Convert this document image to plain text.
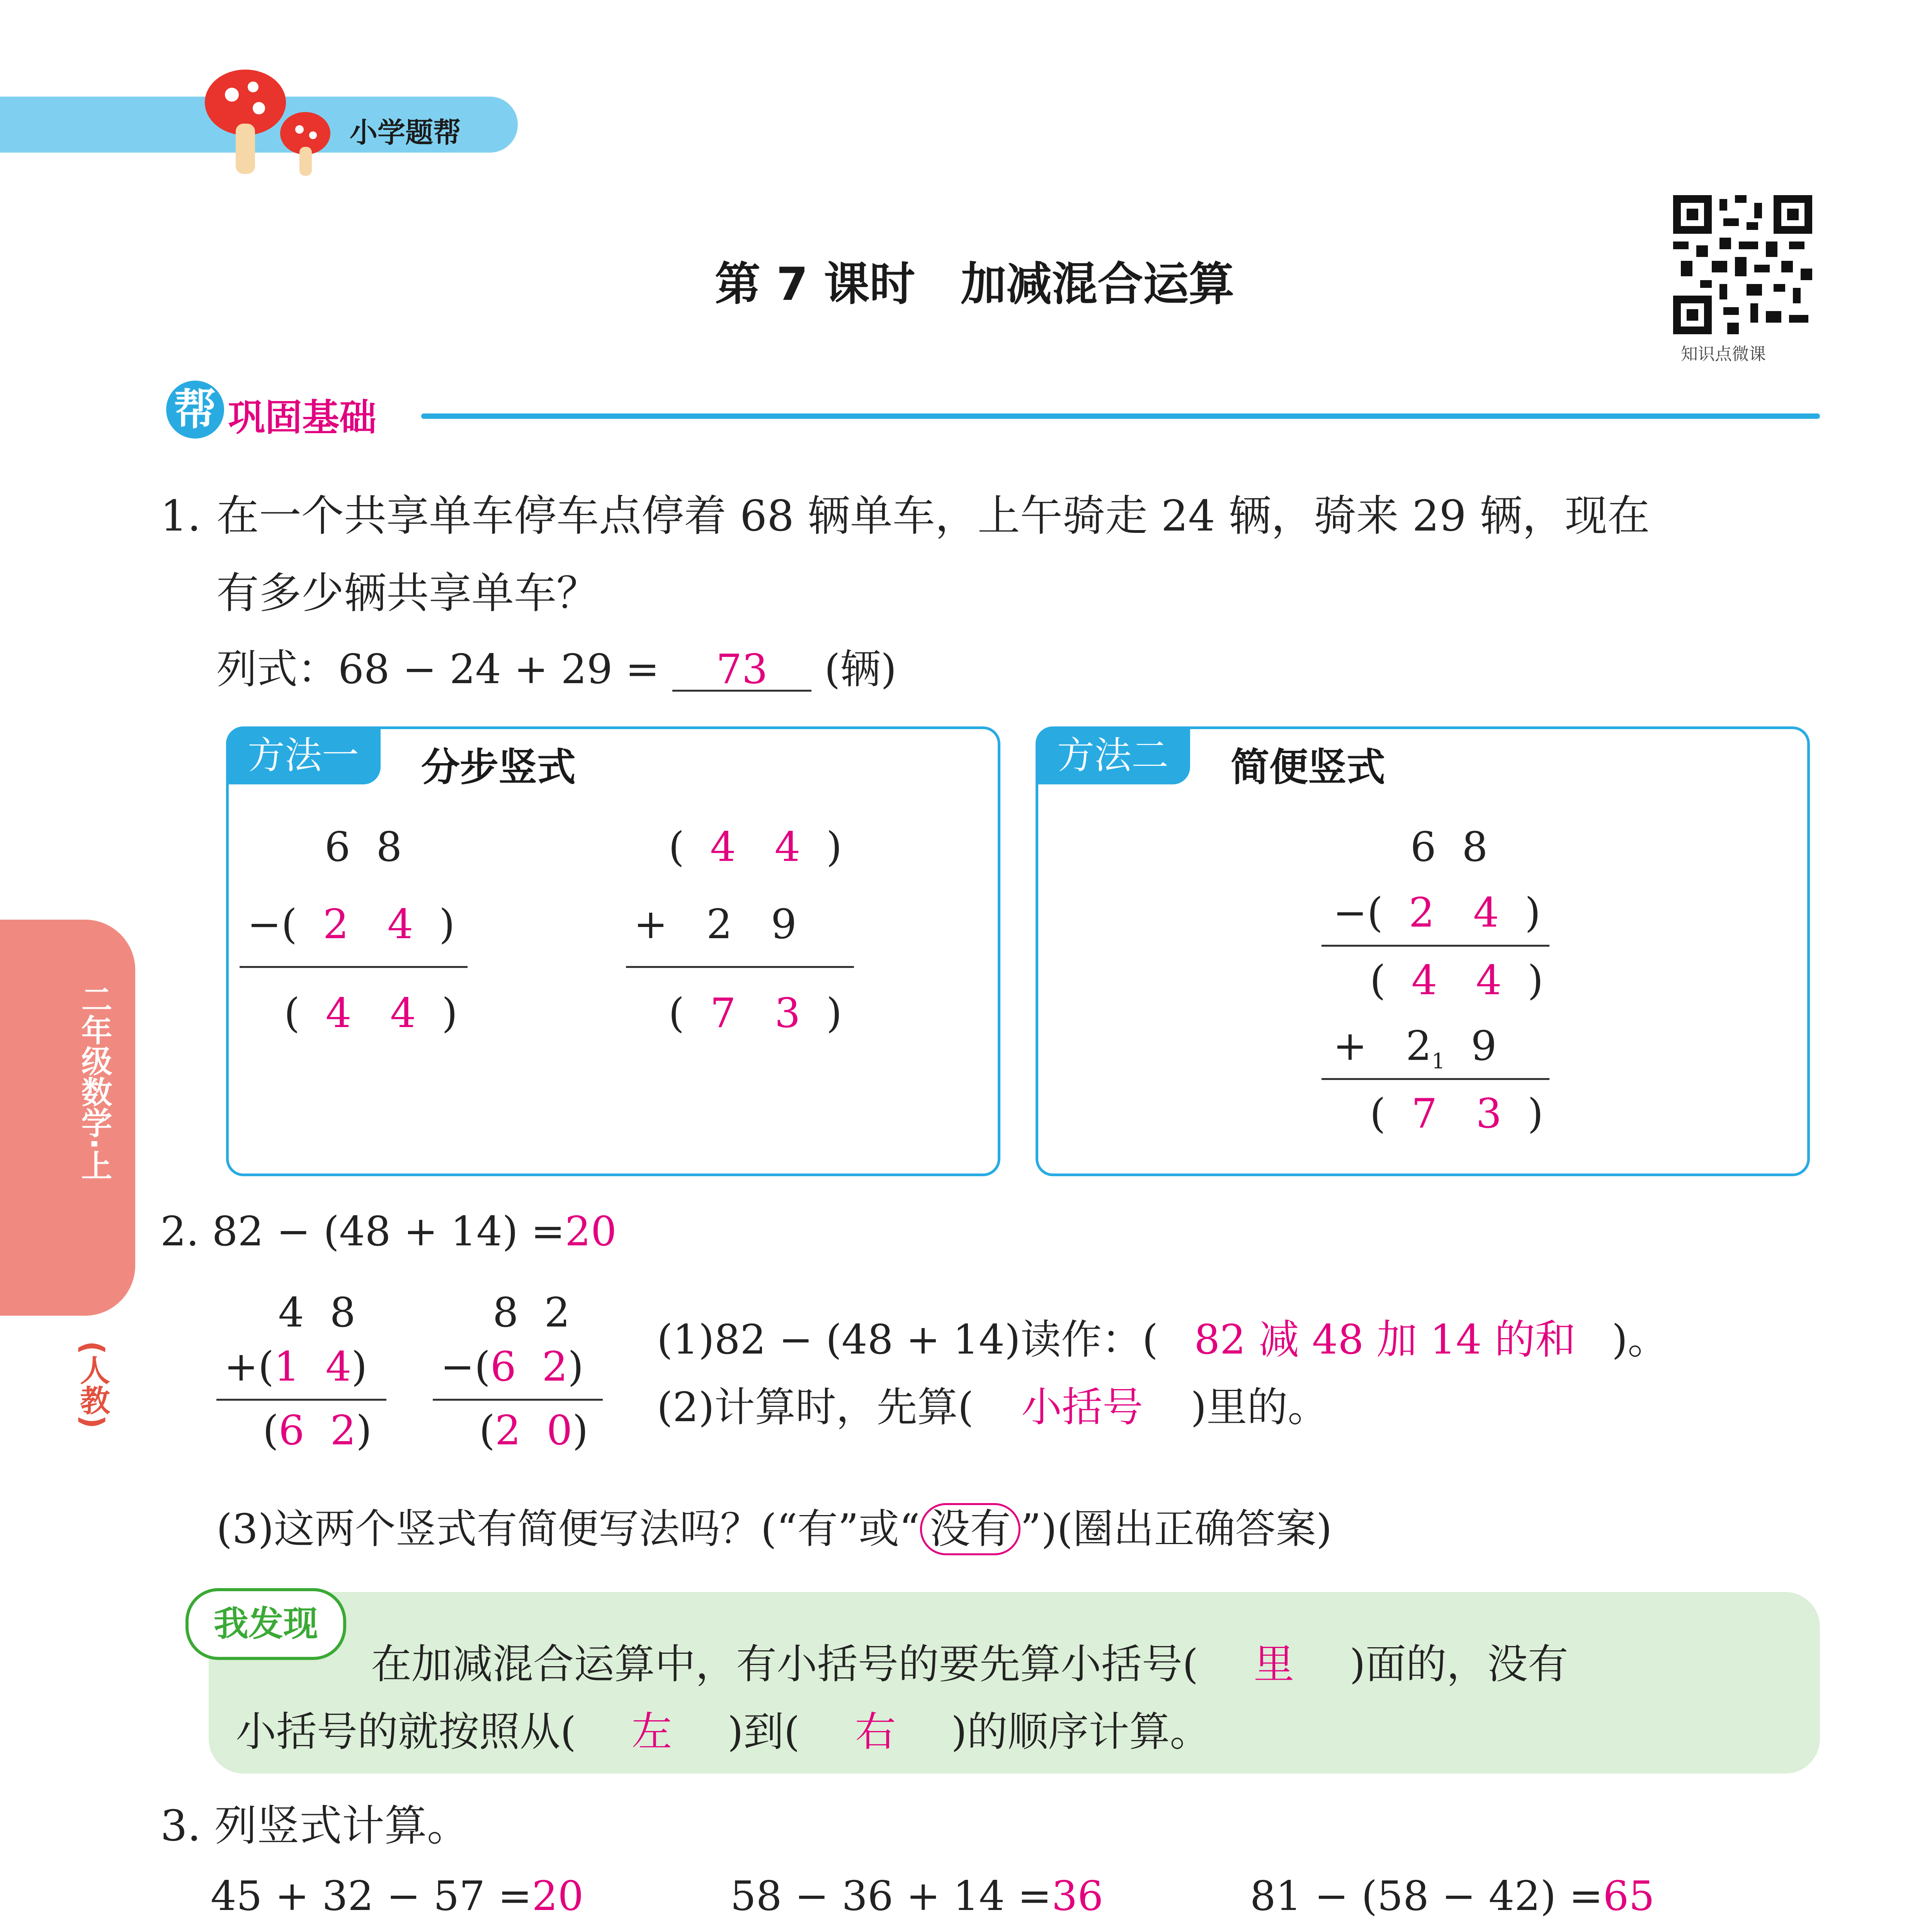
小学题帮
知识点微课
第 7 课时　加减混合运算
帮 巩固基础
二年级数学·上
(人教)
1. 在一个共享单车停车点停着 68 辆单车，上午骑走 24 辆，骑来 29 辆，现在
有多少辆共享单车？
列式：68 − 24 + 29 = 73 (辆)
方法一	分步竖式
6  8
−(  2 4  )
(  4 4  )
(  4 4  )
+   2   9
(  7 3  )
方法二	简便竖式
6  8
−(  2 4  )
(  4 4  )
+   $2_1$  9
(  7 3  )
2. 82 − (48 + 14) =20
4  8
+(1 4)
(6 2)
8  2
−(6 2)
(2 0)
(1)82 − (48 + 14)读作：( 82 减 48 加 14 的和 )。
(2)计算时，先算( 小括号 )里的。
(3)这两个竖式有简便写法吗？(“有”或“ 没有 ”)(圈出正确答案)
我发现
在加减混合运算中，有小括号的要先算小括号( 里 )面的，没有
小括号的就按照从( 左 )到( 右 )的顺序计算。
3. 列竖式计算。
45 + 32 − 57 =20	58 − 36 + 14 =36	81 − (58 − 42) =65
